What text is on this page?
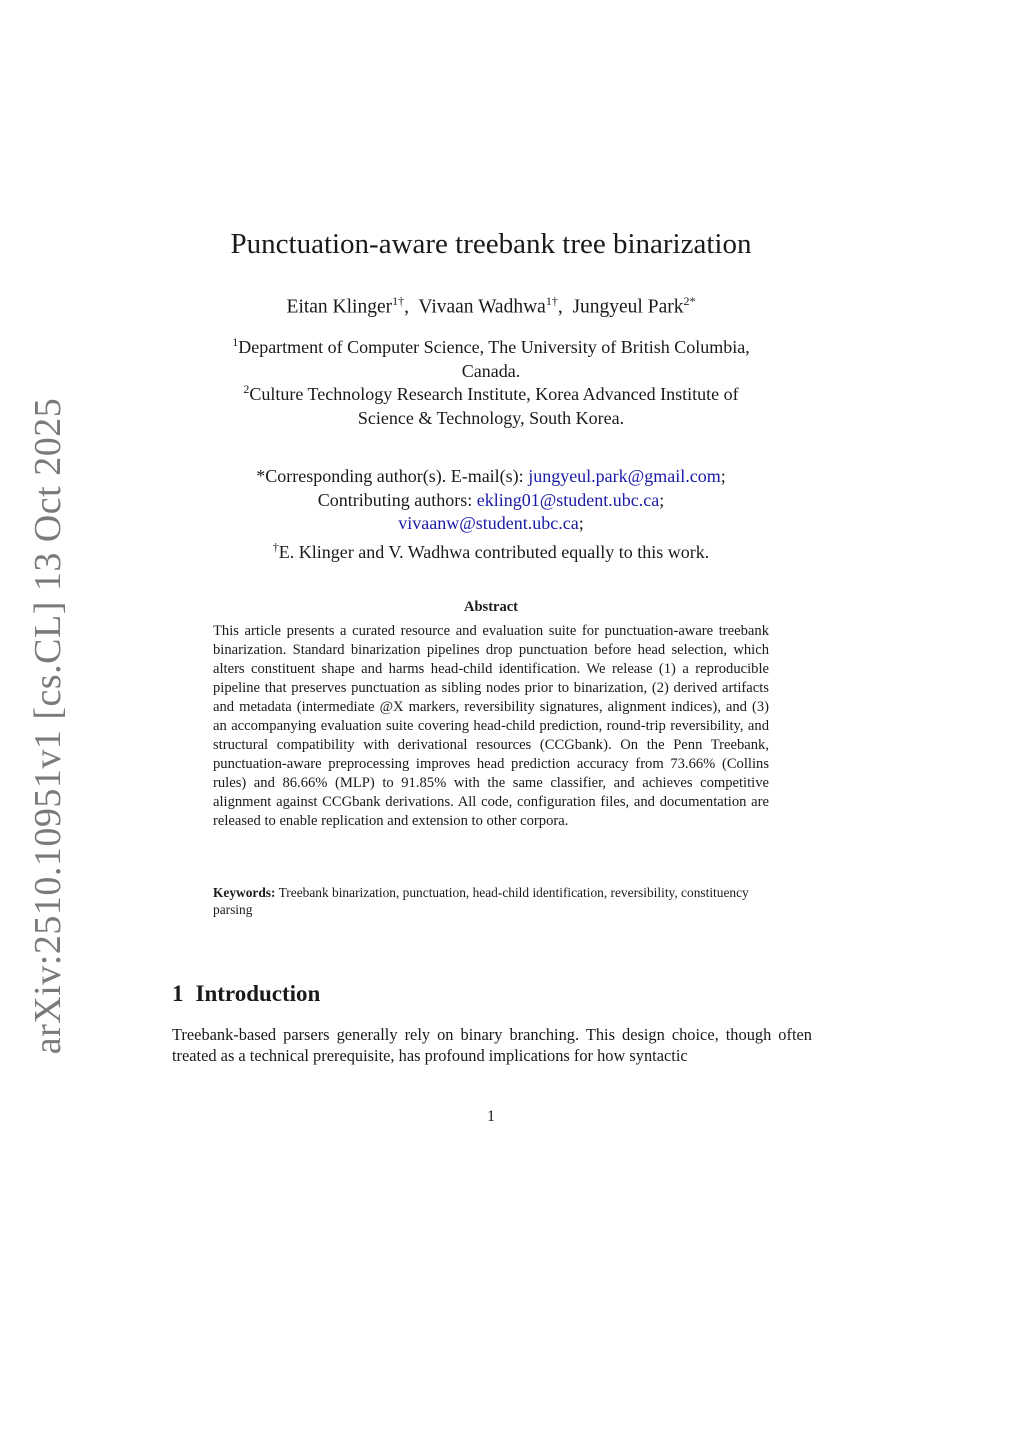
arXiv:2510.10951v1 [cs.CL] 13 Oct 2025
Punctuation-aware treebank tree binarization
Eitan Klinger$^{1\dagger}$,  Vivaan Wadhwa$^{1\dagger}$,  Jungyeul Park$^{2*}$
$^1$Department of Computer Science, The University of British Columbia,
Canada.
$^2$Culture Technology Research Institute, Korea Advanced Institute of
Science & Technology, South Korea.
*Corresponding author(s). E-mail(s): jungyeul.park@gmail.com;
Contributing authors: ekling01@student.ubc.ca;
vivaanw@student.ubc.ca;
†E. Klinger and V. Wadhwa contributed equally to this work.
Abstract
This article presents a curated resource and evaluation suite for punctuation-aware treebank binarization. Standard binarization pipelines drop punctuation before head selection, which alters constituent shape and harms head-child identification. We release (1) a reproducible pipeline that preserves punctuation as sibling nodes prior to binarization, (2) derived artifacts and metadata (intermediate @X markers, reversibility signatures, alignment indices), and (3) an accompanying evaluation suite covering head-child prediction, round-trip reversibility, and structural compatibility with derivational resources (CCGbank). On the Penn Treebank, punctuation-aware preprocessing improves head prediction accuracy from 73.66% (Collins rules) and 86.66% (MLP) to 91.85% with the same classifier, and achieves competitive alignment against CCGbank derivations. All code, configuration files, and documentation are released to enable replication and extension to other corpora.
Keywords: Treebank binarization, punctuation, head-child identification, reversibility, constituency parsing
1 Introduction
Treebank-based parsers generally rely on binary branching. This design choice, though often treated as a technical prerequisite, has profound implications for how syntactic
1
